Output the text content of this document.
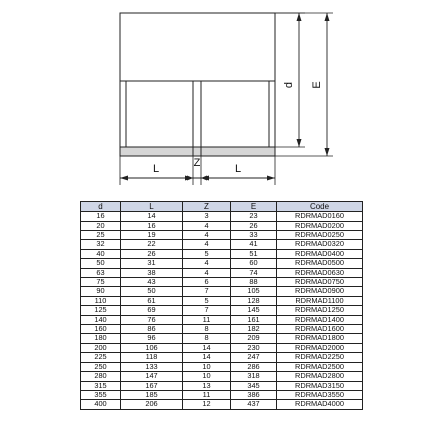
d E
L	Z	L
d	L	Z	E	Code
16	14	3	23	RDRMAD0160
20	16	4	26	RDRMAD0200
25	19	4	33	RDRMAD0250
32	22	4	41	RDRMAD0320
40	26	5	51	RDRMAD0400
50	31	4	60	RDRMAD0500
63	38	4	74	RDRMAD0630
75	43	6	88	RDRMAD0750
90	50	7	105	RDRMAD0900
110	61	5	128	RDRMAD1100
125	69	7	145	RDRMAD1250
140	76	11	161	RDRMAD1400
160	86	8	182	RDRMAD1600
180	96	8	209	RDRMAD1800
200	106	14	230	RDRMAD2000
225	118	14	247	RDRMAD2250
250	133	10	286	RDRMAD2500
280	147	10	318	RDRMAD2800
315	167	13	345	RDRMAD3150
355	185	11	386	RDRMAD3550
400	206	12	437	RDRMAD4000
